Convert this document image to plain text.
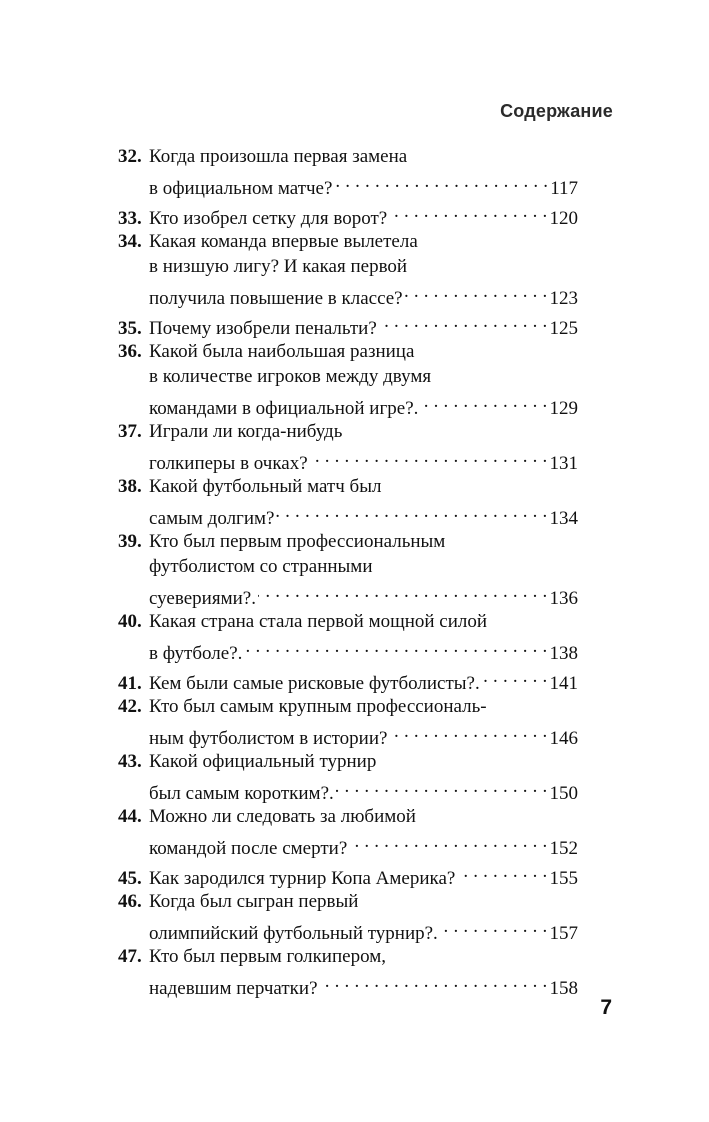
Содержание
32. Когда произошла первая замена
в официальном матче? . . .	117
33. Кто изобрел сетку для ворот? . . .	120
34. Какая команда впервые вылетела
в низшую лигу? И какая первой
получила повышение в классе? . . .	123
35. Почему изобрели пенальти? . . .	125
36. Какой была наибольшая разница
в количестве игроков между двумя
командами в официальной игре?. . . .	129
37. Играли ли когда-нибудь
голкиперы в очках? . . .	131
38. Какой футбольный матч был
самым долгим? . . .	134
39. Кто был первым профессиональным
футболистом со странными
суевериями?. . . .	136
40. Какая страна стала первой мощной силой
в футболе?. . . .	138
41. Кем были самые рисковые футболисты?. . . .	141
42. Кто был самым крупным профессиональ-
ным футболистом в истории? . . .	146
43. Какой официальный турнир
был самым коротким?. . . .	150
44. Можно ли следовать за любимой
командой после смерти? . . .	152
45. Как зародился турнир Копа Америка? . . .	155
46. Когда был сыгран первый
олимпийский футбольный турнир?. . . .	157
47. Кто был первым голкипером,
надевшим перчатки? . . .	158
7
